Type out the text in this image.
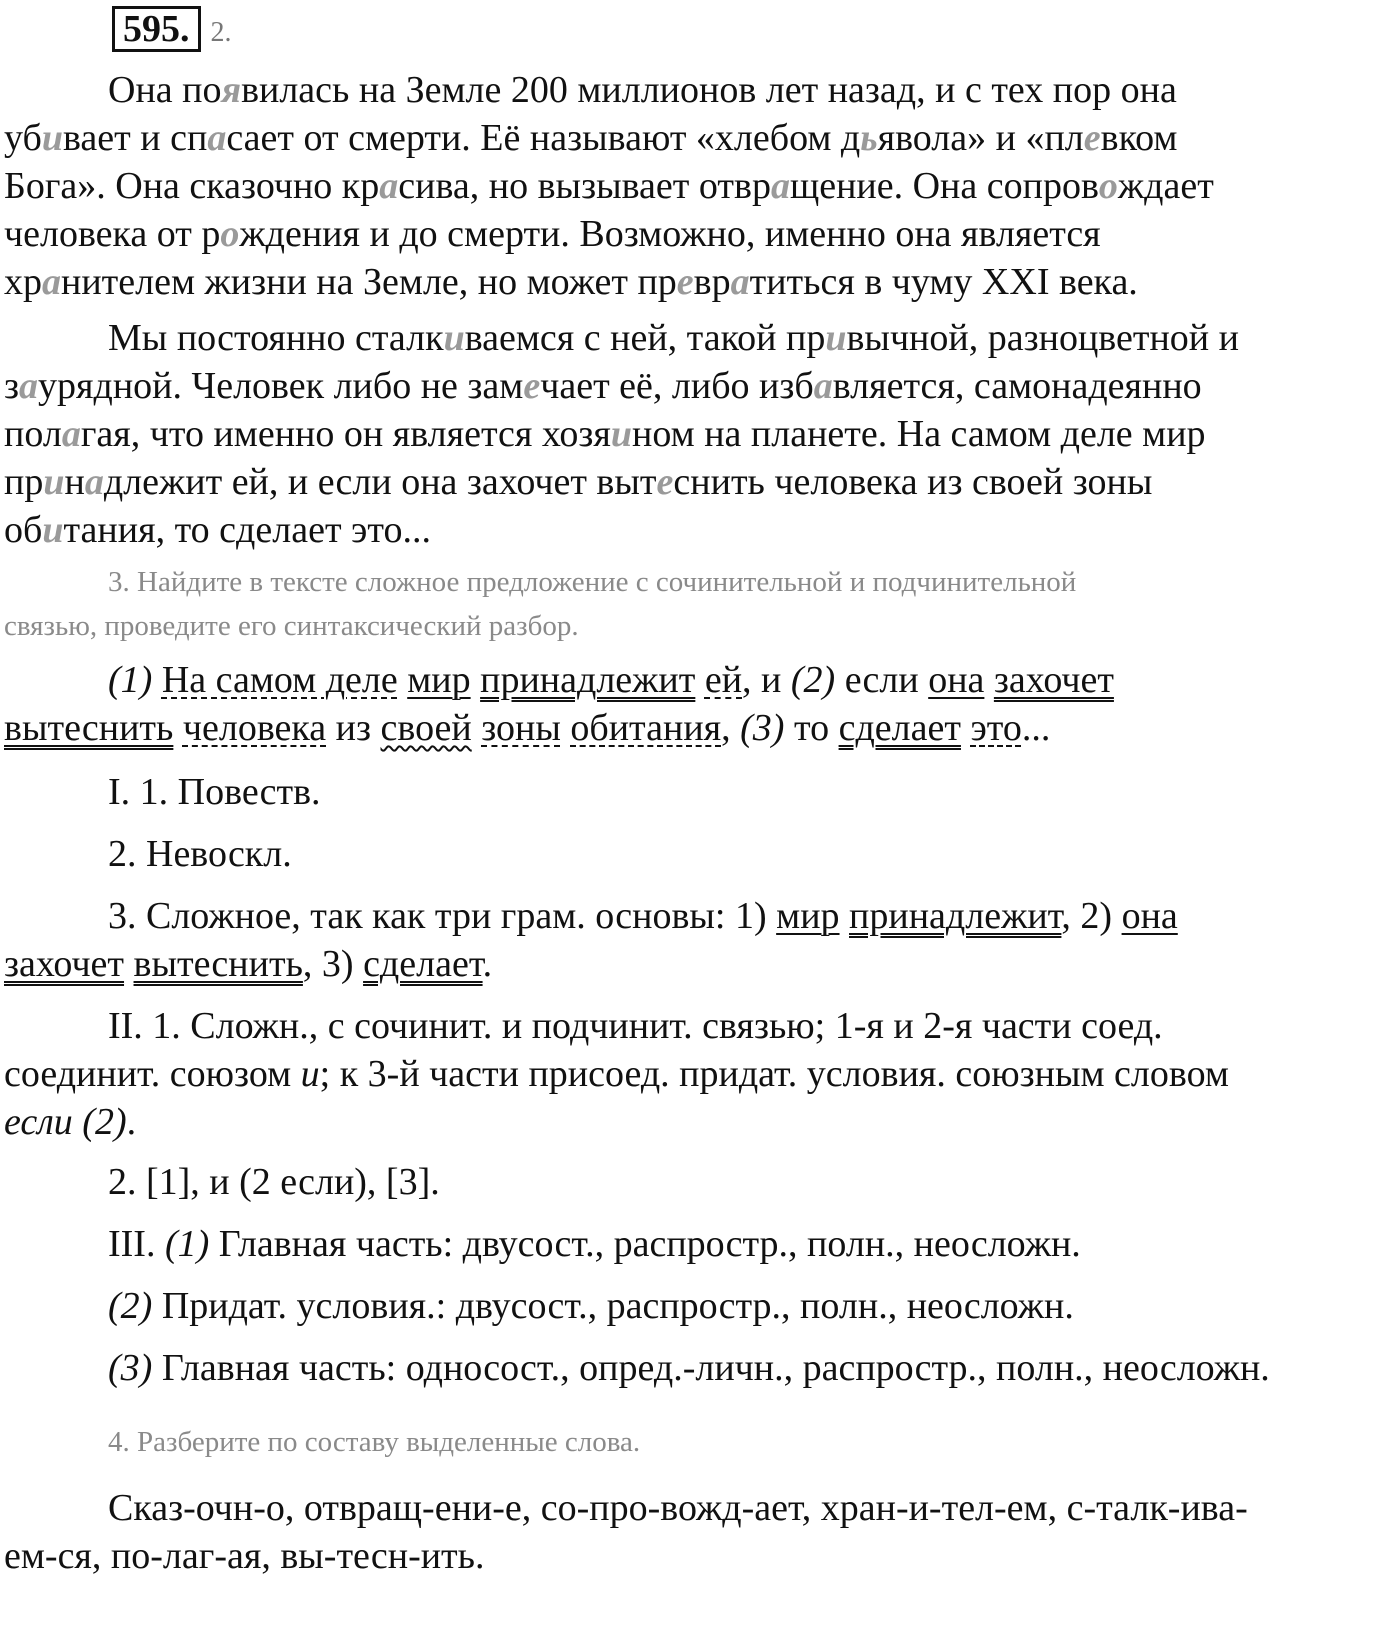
595. 2.

Она появилась на Земле 200 миллионов лет назад, и с тех пор она
убивает и спасает от смерти. Её называют «хлебом дьявола» и «плевком
Бога». Она сказочно красива, но вызывает отвращение. Она сопровождает
человека от рождения и до смерти. Возможно, именно она является
хранителем жизни на Земле, но может превратиться в чуму XXI века.

Мы постоянно сталкиваемся с ней, такой привычной, разноцветной и
заурядной. Человек либо не замечает её, либо избавляется, самонадеянно
полагая, что именно он является хозяином на планете. На самом деле мир
принадлежит ей, и если она захочет вытеснить человека из своей зоны
обитания, то сделает это...

3. Найдите в тексте сложное предложение с сочинительной и подчинительной
связью, проведите его синтаксический разбор.

(1) На самом деле мир принадлежит ей, и (2) если она захочет
вытеснить человека из своей зоны обитания, (3) то сделает это...

I. 1. Повеств.

2. Невоскл.

3. Сложное, так как три грам. основы: 1) мир принадлежит, 2) она
захочет вытеснить, 3) сделает.

II. 1. Сложн., с сочинит. и подчинит. связью; 1-я и 2-я части соед.
соединит. союзом и; к 3-й части присоед. придат. условия. союзным словом
если (2).

2. [1], и (2 если), [3].

III. (1) Главная часть: двусост., распростр., полн., неосложн.

(2) Придат. условия.: двусост., распростр., полн., неосложн.

(3) Главная часть: односост., опред.-личн., распростр., полн., неосложн.

4. Разберите по составу выделенные слова.

Сказ-очн-о, отвращ-ени-е, со-про-вожд-ает, хран-и-тел-ем, с-талк-ива-
ем-ся, по-лаг-ая, вы-тесн-ить.
